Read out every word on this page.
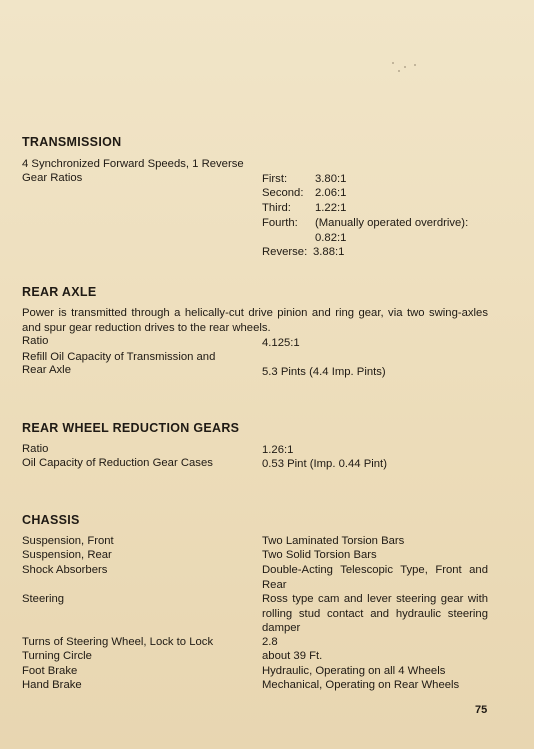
TRANSMISSION
4 Synchronized Forward Speeds, 1 Reverse
Gear Ratios	First: 3.80:1
Second: 2.06:1
Third: 1.22:1
Fourth: (Manually operated overdrive):
0.82:1
Reverse: 3.88:1
REAR AXLE
Power is transmitted through a helically-cut drive pinion and ring gear, via two swing-axles and spur gear reduction drives to the rear wheels.
Ratio	4.125:1
Refill Oil Capacity of Transmission and
Rear Axle	5.3 Pints (4.4 Imp. Pints)
REAR WHEEL REDUCTION GEARS
Ratio	1.26:1
Oil Capacity of Reduction Gear Cases	0.53 Pint (Imp. 0.44 Pint)
CHASSIS
Suspension, Front	Two Laminated Torsion Bars
Suspension, Rear	Two Solid Torsion Bars
Shock Absorbers	Double-Acting Telescopic Type, Front and Rear
Steering	Ross type cam and lever steering gear with rolling stud contact and hydraulic steering damper
Turns of Steering Wheel, Lock to Lock	2.8
Turning Circle	about 39 Ft.
Foot Brake	Hydraulic, Operating on all 4 Wheels
Hand Brake	Mechanical, Operating on Rear Wheels
75
